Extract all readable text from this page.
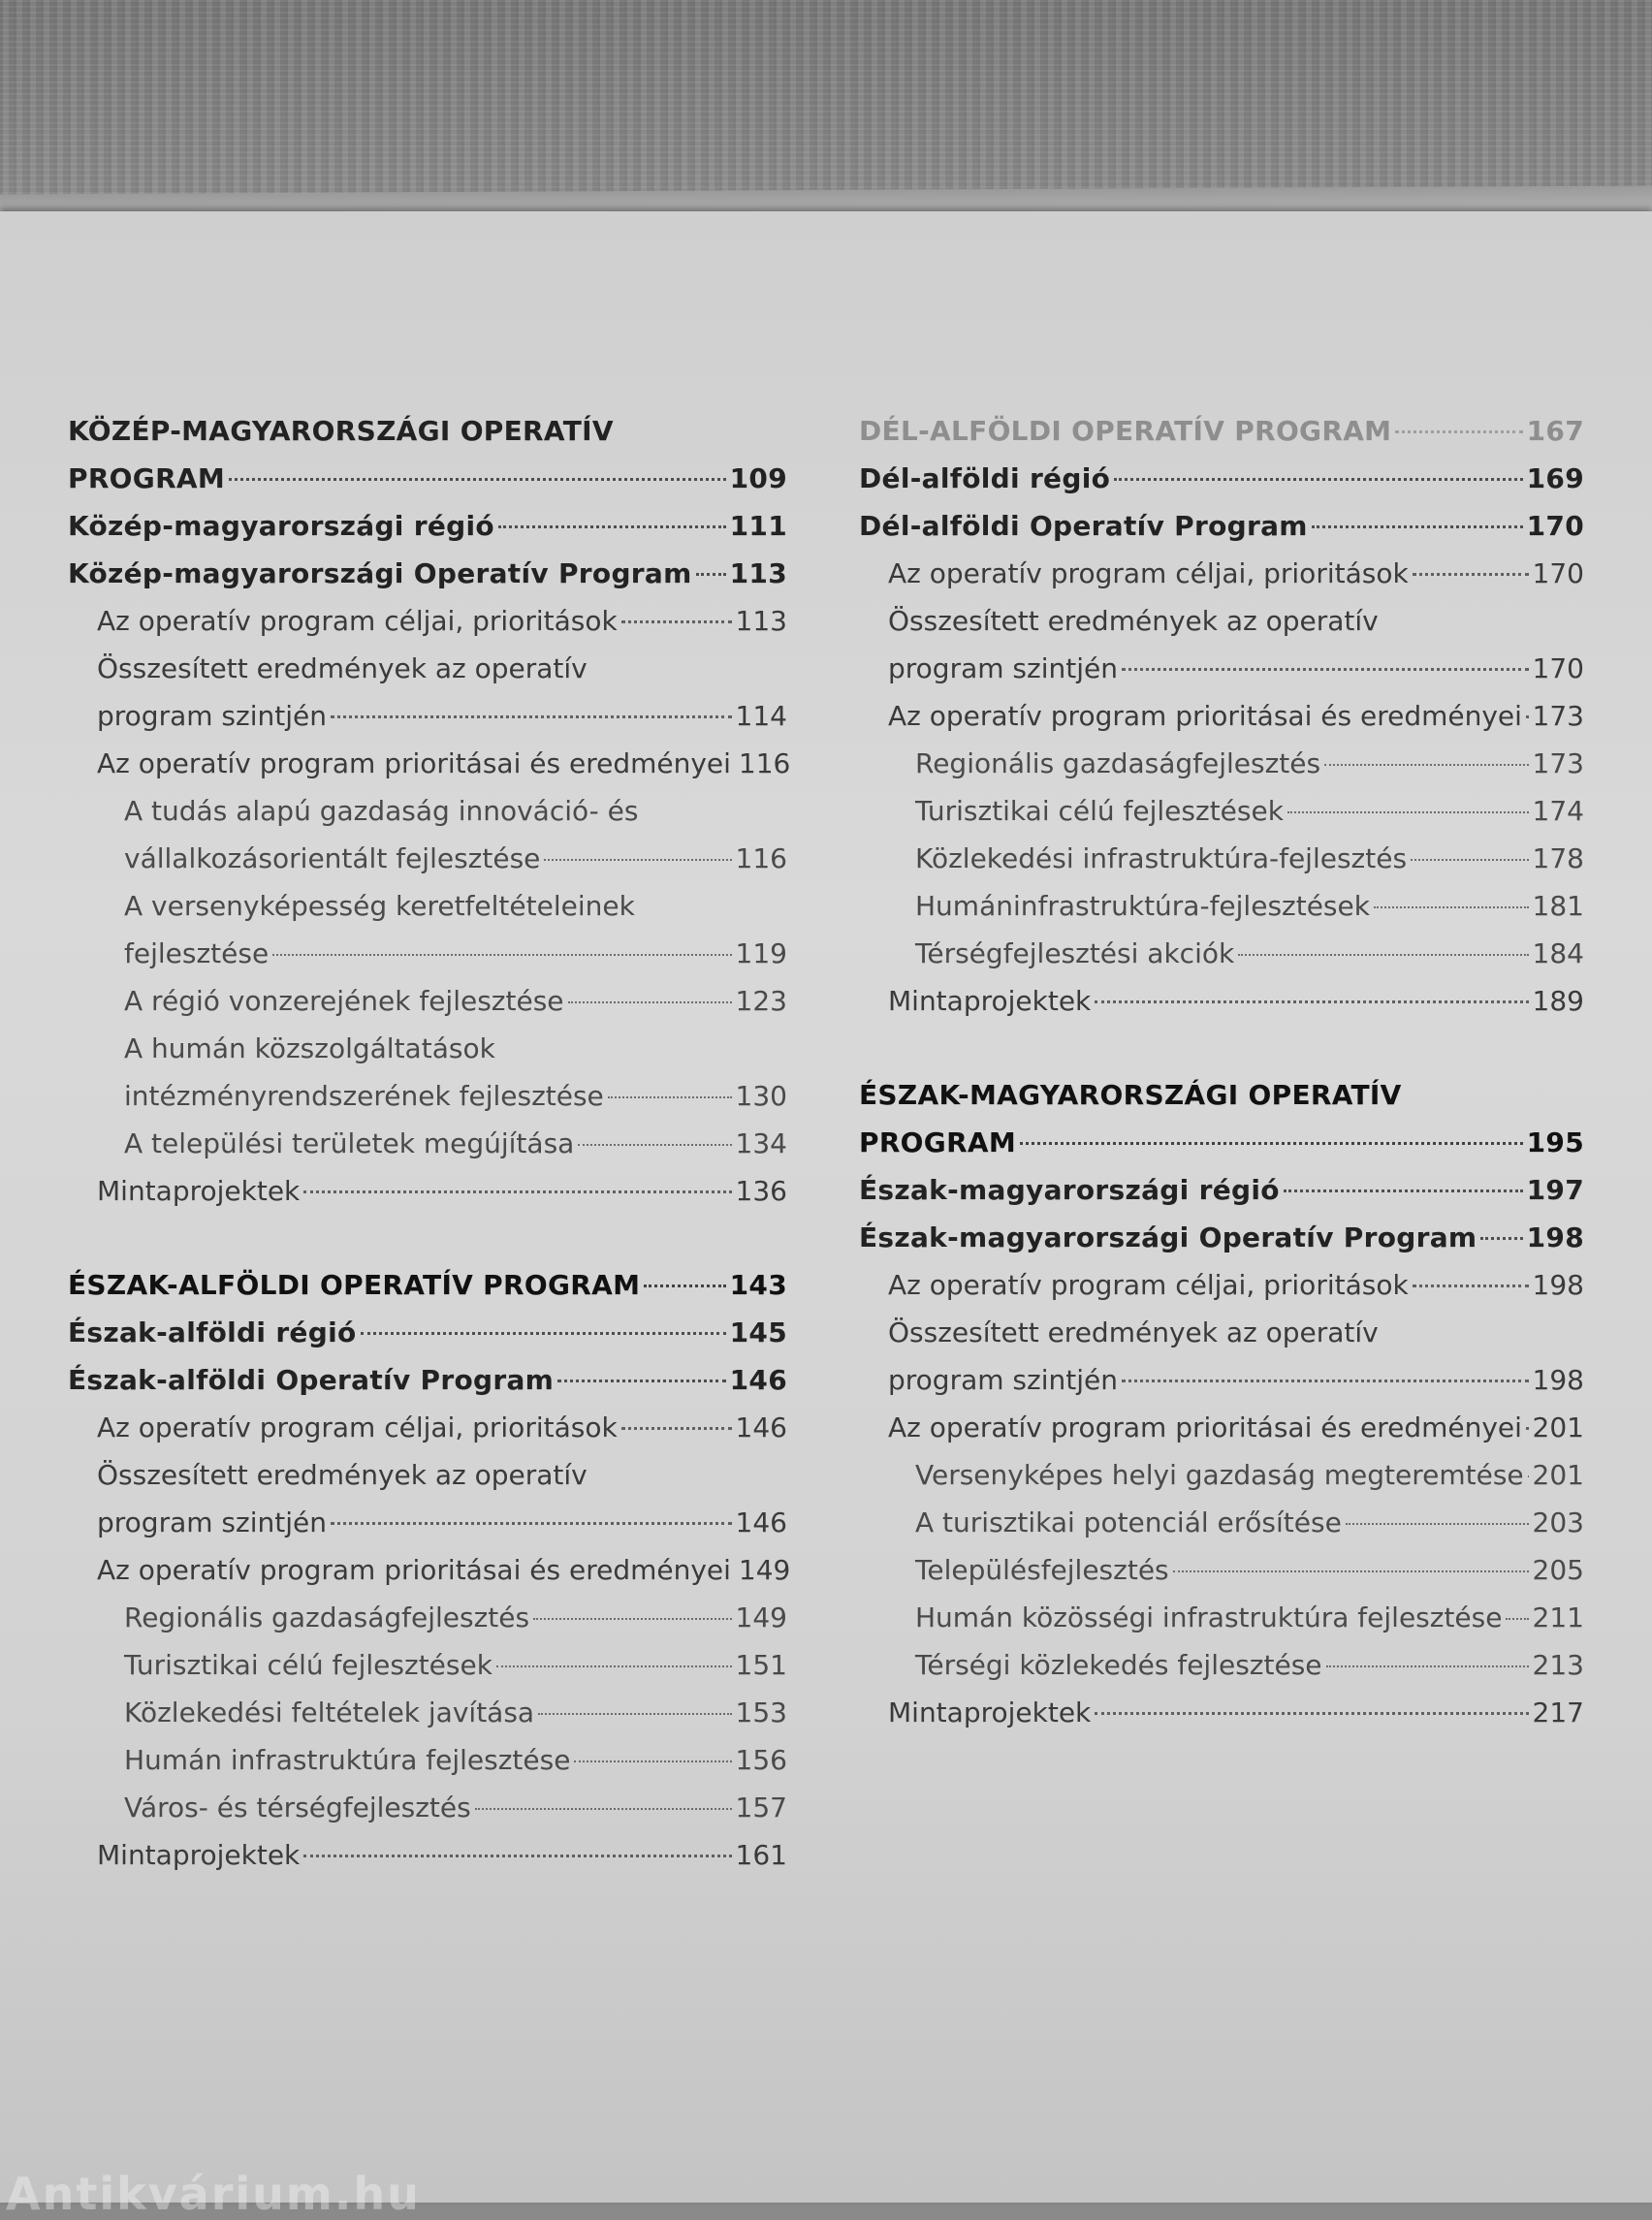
KÖZÉP-MAGYARORSZÁGI OPERATÍV
PROGRAM	109
Közép-magyarországi régió	111
Közép-magyarországi Operatív Program 113
Az operatív program céljai, prioritások	113
Összesített eredmények az operatív
program szintjén	114
Az operatív program prioritásai és eredményei 116
A tudás alapú gazdaság innováció- és
vállalkozásorientált fejlesztése	116
A versenyképesség keretfeltételeinek
fejlesztése	119
A régió vonzerejének fejlesztése	123
A humán közszolgáltatások
intézményrendszerének fejlesztése	130
A települési területek megújítása	134
Mintaprojektek	136
ÉSZAK-ALFÖLDI OPERATÍV PROGRAM	143
Észak-alföldi régió	145
Észak-alföldi Operatív Program	146
Az operatív program céljai, prioritások	146
Összesített eredmények az operatív
program szintjén	146
Az operatív program prioritásai és eredményei 149
Regionális gazdaságfejlesztés	149
Turisztikai célú fejlesztések	151
Közlekedési feltételek javítása	153
Humán infrastruktúra fejlesztése	156
Város- és térségfejlesztés	157
Mintaprojektek	161
DÉL-ALFÖLDI OPERATÍV PROGRAM	167
Dél-alföldi régió	169
Dél-alföldi Operatív Program	170
Az operatív program céljai, prioritások	170
Összesített eredmények az operatív
program szintjén	170
Az operatív program prioritásai és eredményei 173
Regionális gazdaságfejlesztés	173
Turisztikai célú fejlesztések	174
Közlekedési infrastruktúra-fejlesztés	178
Humáninfrastruktúra-fejlesztések	181
Térségfejlesztési akciók	184
Mintaprojektek	189
ÉSZAK-MAGYARORSZÁGI OPERATÍV
PROGRAM	195
Észak-magyarországi régió	197
Észak-magyarországi Operatív Program 198
Az operatív program céljai, prioritások	198
Összesített eredmények az operatív
program szintjén	198
Az operatív program prioritásai és eredményei 201
Versenyképes helyi gazdaság megteremtése 201
A turisztikai potenciál erősítése	203
Településfejlesztés	205
Humán közösségi infrastruktúra fejlesztése 211
Térségi közlekedés fejlesztése	213
Mintaprojektek	217
Antikvárium.hu
